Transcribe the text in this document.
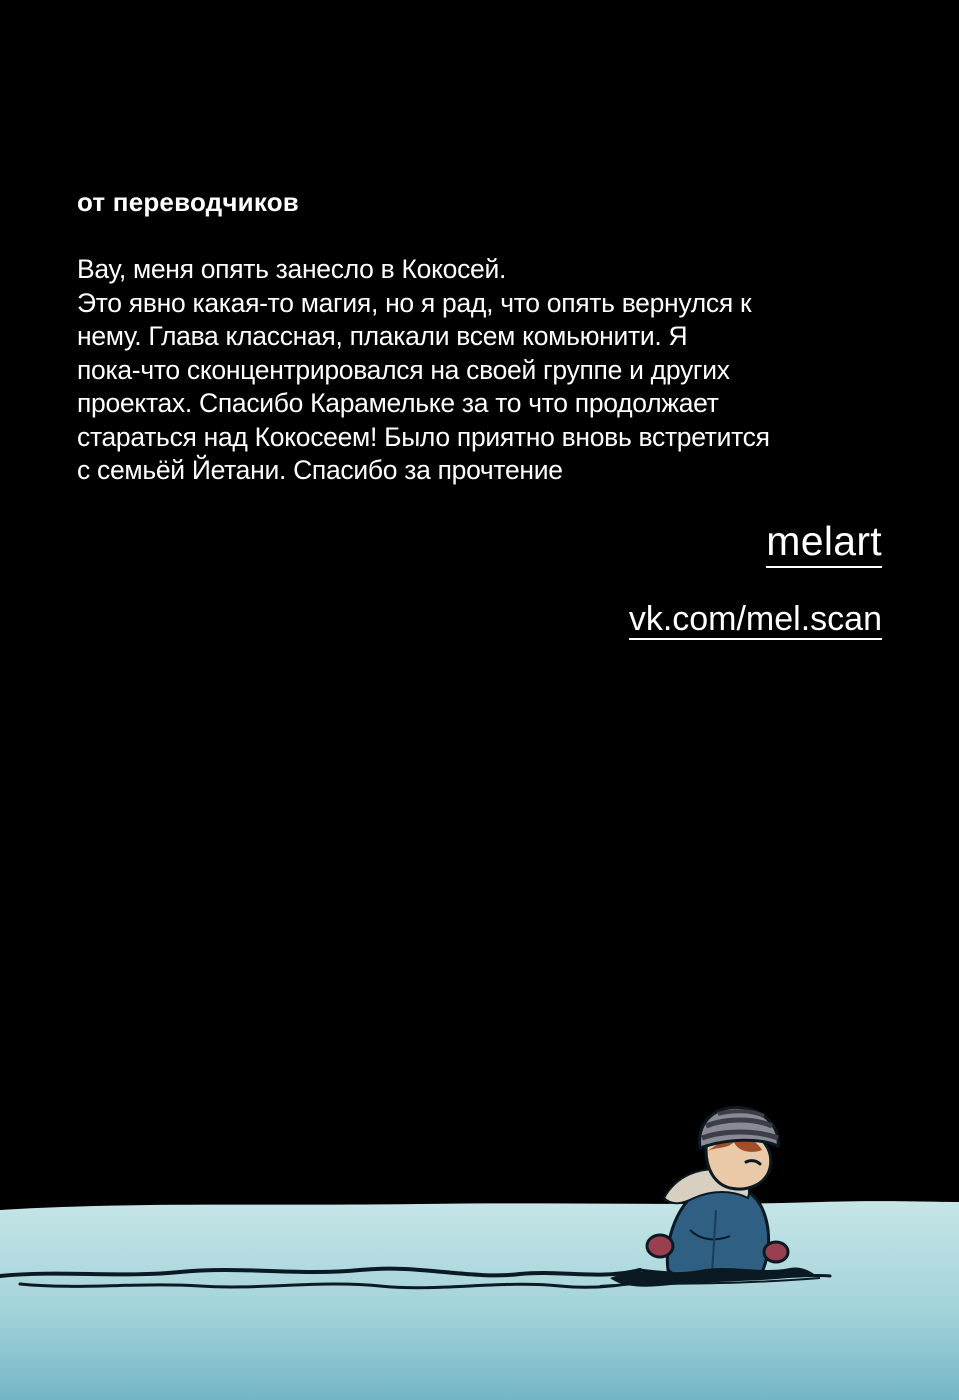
от переводчиков
Вау, меня опять занесло в Кокосей.
Это явно какая-то магия, но я рад, что опять вернулся к
нему. Глава классная, плакали всем комьюнити. Я
пока-что сконцентрировался на своей группе и других
проектах. Спасибо Карамельке за то что продолжает
стараться над Кокосеем! Было приятно вновь встретится
с семьёй Йетани. Спасибо за прочтение
melart
vk.com/mel.scan
